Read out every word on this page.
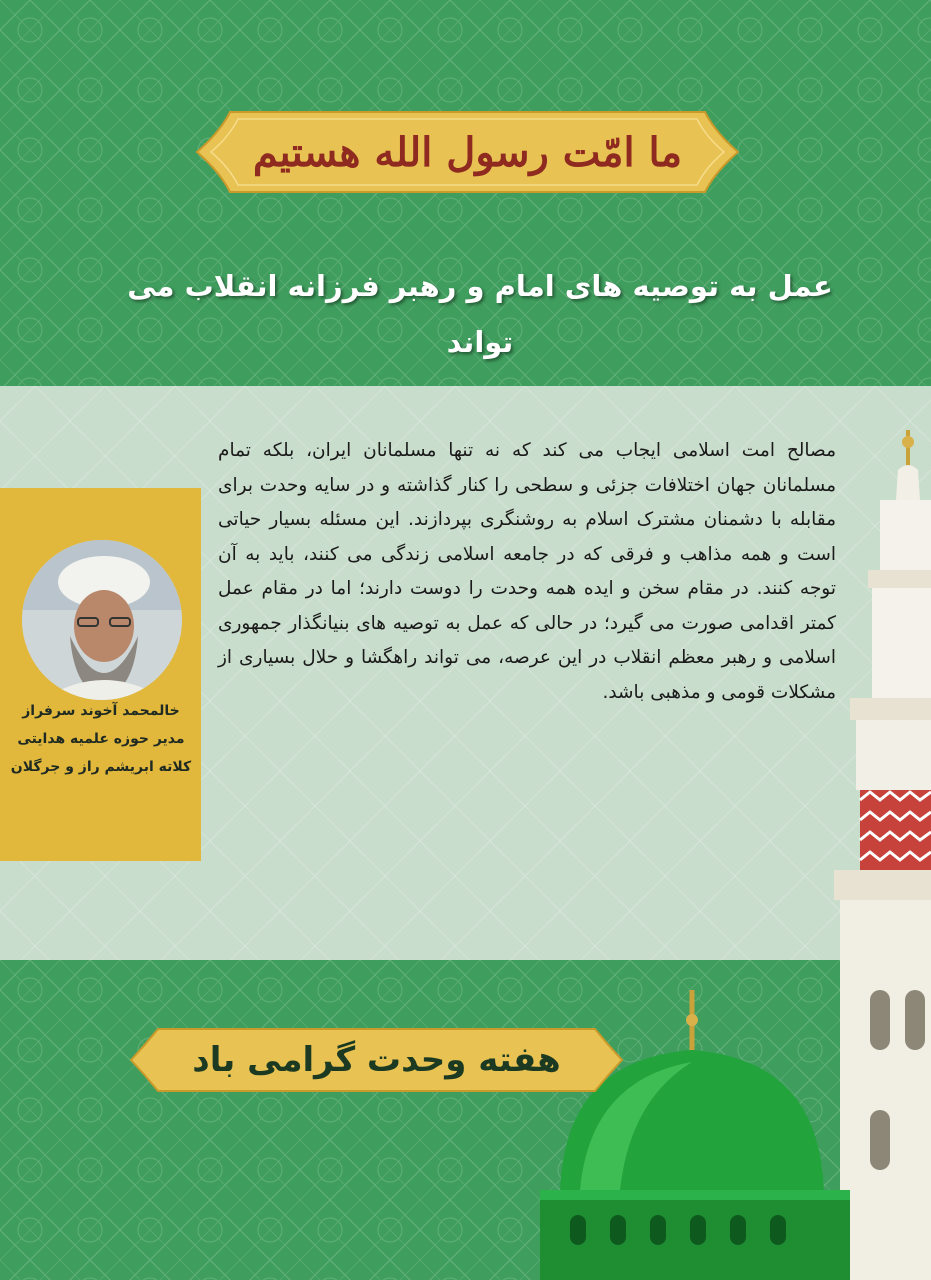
ما امّت رسول الله هستیم
عمل به توصیه های امام و رهبر فرزانه انقلاب می تواند
خالمحمد آخوند سرفراز
مدیر حوزه علمیه هدایتی
کلاته ابریشم راز و جرگلان
مصالح امت اسلامی ایجاب می کند که نه تنها مسلمانان ایران، بلکه تمام مسلمانان جهان اختلافات جزئی و سطحی را کنار گذاشته و در سایه وحدت برای مقابله با دشمنان مشترک اسلام به روشنگری بپردازند. این مسئله بسیار حیاتی است و همه مذاهب و فرقی که در جامعه اسلامی زندگی می کنند، باید به آن توجه کنند. در مقام سخن و ایده همه وحدت را دوست دارند؛ اما در مقام عمل کمتر اقدامی صورت می گیرد؛ در حالی که عمل به توصیه های بنیانگذار جمهوری اسلامی و رهبر معظم انقلاب در این عرصه، می تواند راهگشا و حلال بسیاری از مشکلات قومی و مذهبی باشد.
هفته وحدت گرامی باد
